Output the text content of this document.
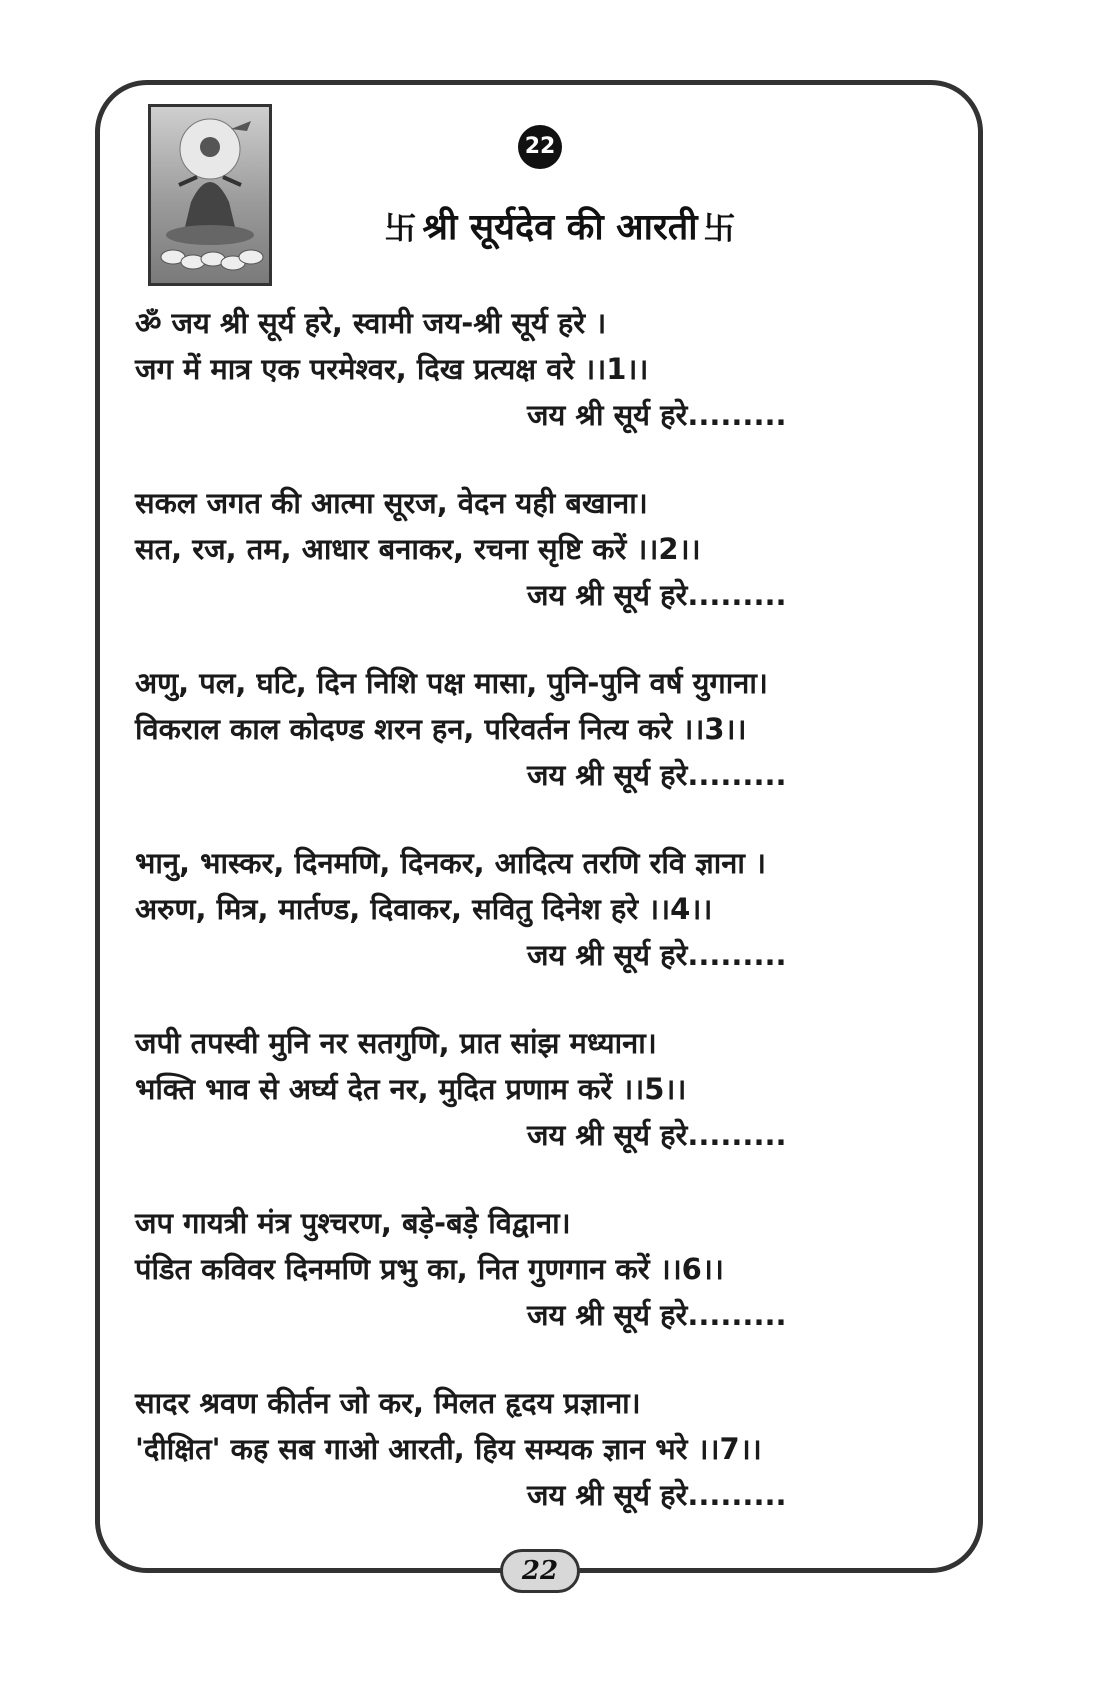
22
卐 श्री सूर्यदेव की आरती 卐
ॐ जय श्री सूर्य हरे, स्वामी जय-श्री सूर्य हरे ।
जग में मात्र एक परमेश्वर, दिख प्रत्यक्ष वरे ।।1।।
जय श्री सूर्य हरे.........
सकल जगत की आत्मा सूरज, वेदन यही बखाना।
सत, रज, तम, आधार बनाकर, रचना सृष्टि करें ।।2।।
जय श्री सूर्य हरे.........
अणु, पल, घटि, दिन निशि पक्ष मासा, पुनि-पुनि वर्ष युगाना।
विकराल काल कोदण्ड शरन हन, परिवर्तन नित्य करे ।।3।।
जय श्री सूर्य हरे.........
भानु, भास्कर, दिनमणि, दिनकर, आदित्य तरणि रवि ज्ञाना ।
अरुण, मित्र, मार्तण्ड, दिवाकर, सवितु दिनेश हरे ।।4।।
जय श्री सूर्य हरे.........
जपी तपस्वी मुनि नर सतगुणि, प्रात सांझ मध्याना।
भक्ति भाव से अर्घ्य देत नर, मुदित प्रणाम करें ।।5।।
जय श्री सूर्य हरे.........
जप गायत्री मंत्र पुश्चरण, बड़े-बड़े विद्वाना।
पंडित कविवर दिनमणि प्रभु का, नित गुणगान करें ।।6।।
जय श्री सूर्य हरे.........
सादर श्रवण कीर्तन जो कर, मिलत हृदय प्रज्ञाना।
'दीक्षित' कह सब गाओ आरती, हिय सम्यक ज्ञान भरे ।।7।।
जय श्री सूर्य हरे.........
22
